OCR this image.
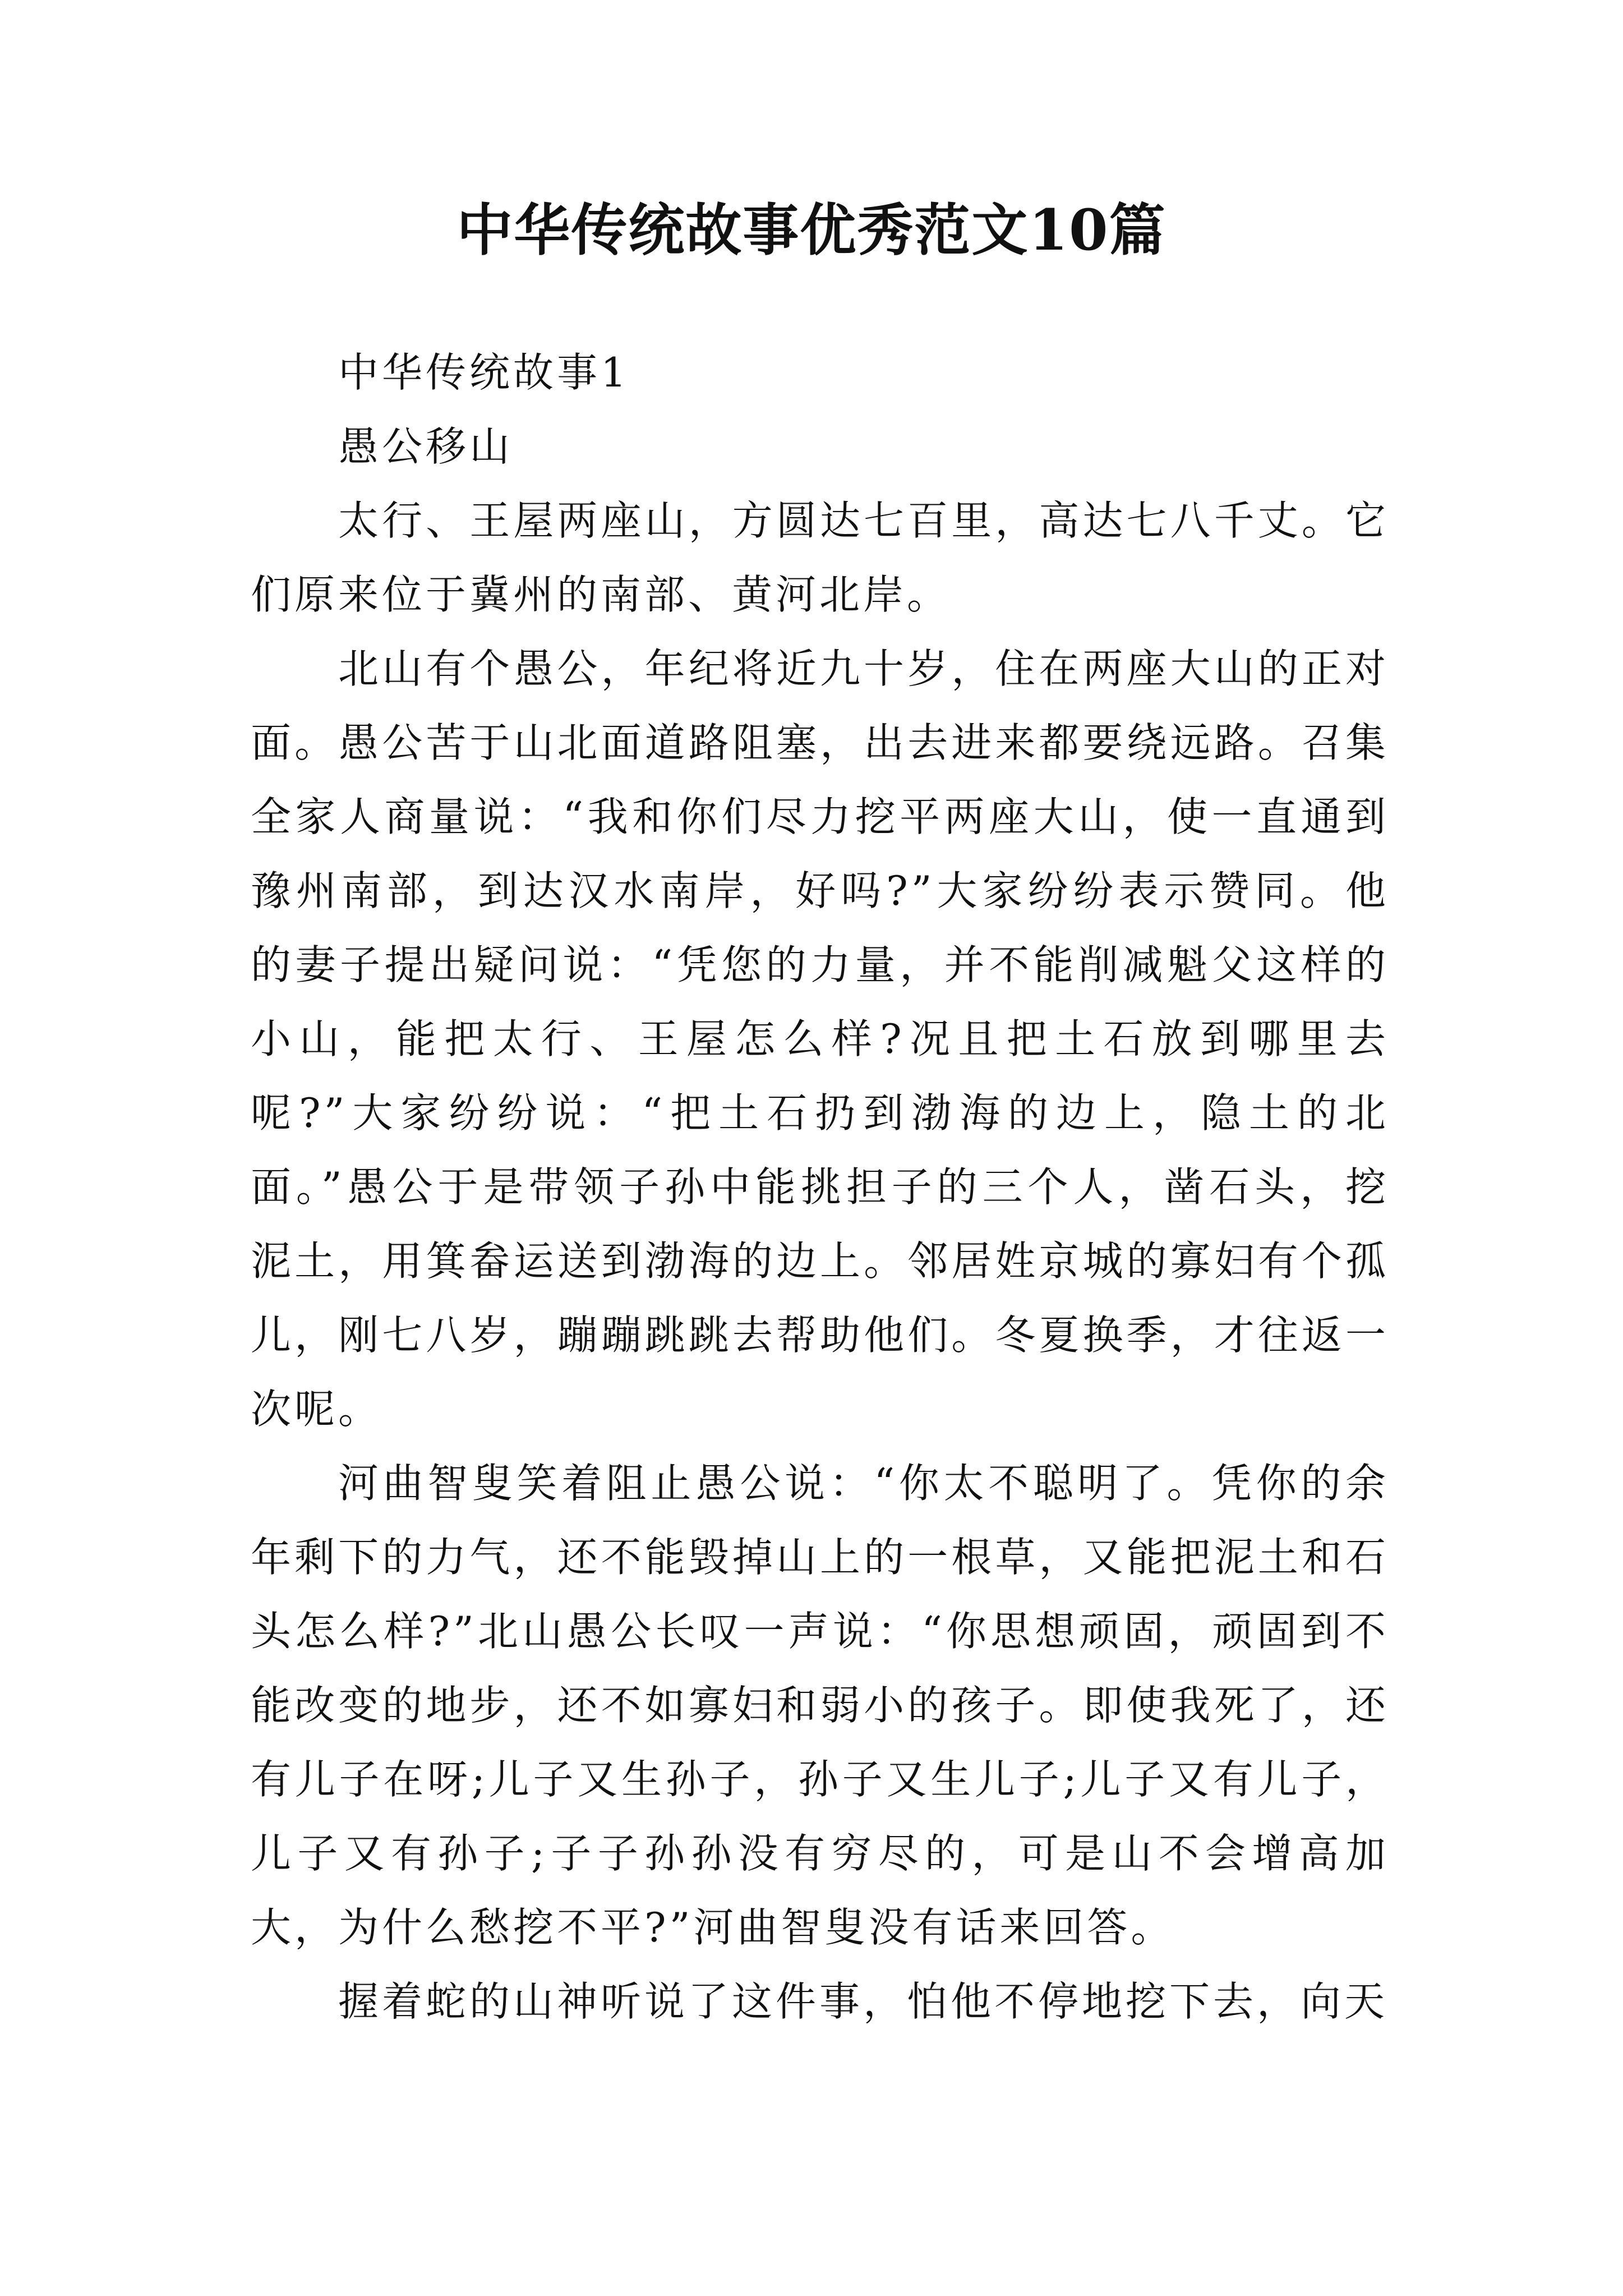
中华传统故事优秀范文10篇

中华传统故事1

愚公移山

太行、王屋两座山，方圆达七百里，高达七八千丈。它们原来位于冀州的南部、黄河北岸。

北山有个愚公，年纪将近九十岁，住在两座大山的正对面。愚公苦于山北面道路阻塞，出去进来都要绕远路。召集全家人商量说：“我和你们尽力挖平两座大山，使一直通到豫州南部，到达汉水南岸，好吗?”大家纷纷表示赞同。他的妻子提出疑问说：“凭您的力量，并不能削减魁父这样的小山，能把太行、王屋怎么样?况且把土石放到哪里去呢?”大家纷纷说：“把土石扔到渤海的边上，隐土的北面。”愚公于是带领子孙中能挑担子的三个人，凿石头，挖泥土，用箕畚运送到渤海的边上。邻居姓京城的寡妇有个孤儿，刚七八岁，蹦蹦跳跳去帮助他们。冬夏换季，才往返一次呢。

河曲智叟笑着阻止愚公说：“你太不聪明了。凭你的余年剩下的力气，还不能毁掉山上的一根草，又能把泥土和石头怎么样?”北山愚公长叹一声说：“你思想顽固，顽固到不能改变的地步，还不如寡妇和弱小的孩子。即使我死了，还有儿子在呀;儿子又生孙子，孙子又生儿子;儿子又有儿子，儿子又有孙子;子子孙孙没有穷尽的，可是山不会增高加大，为什么愁挖不平?”河曲智叟没有话来回答。

握着蛇的山神听说了这件事，怕他不停地挖下去，向天
